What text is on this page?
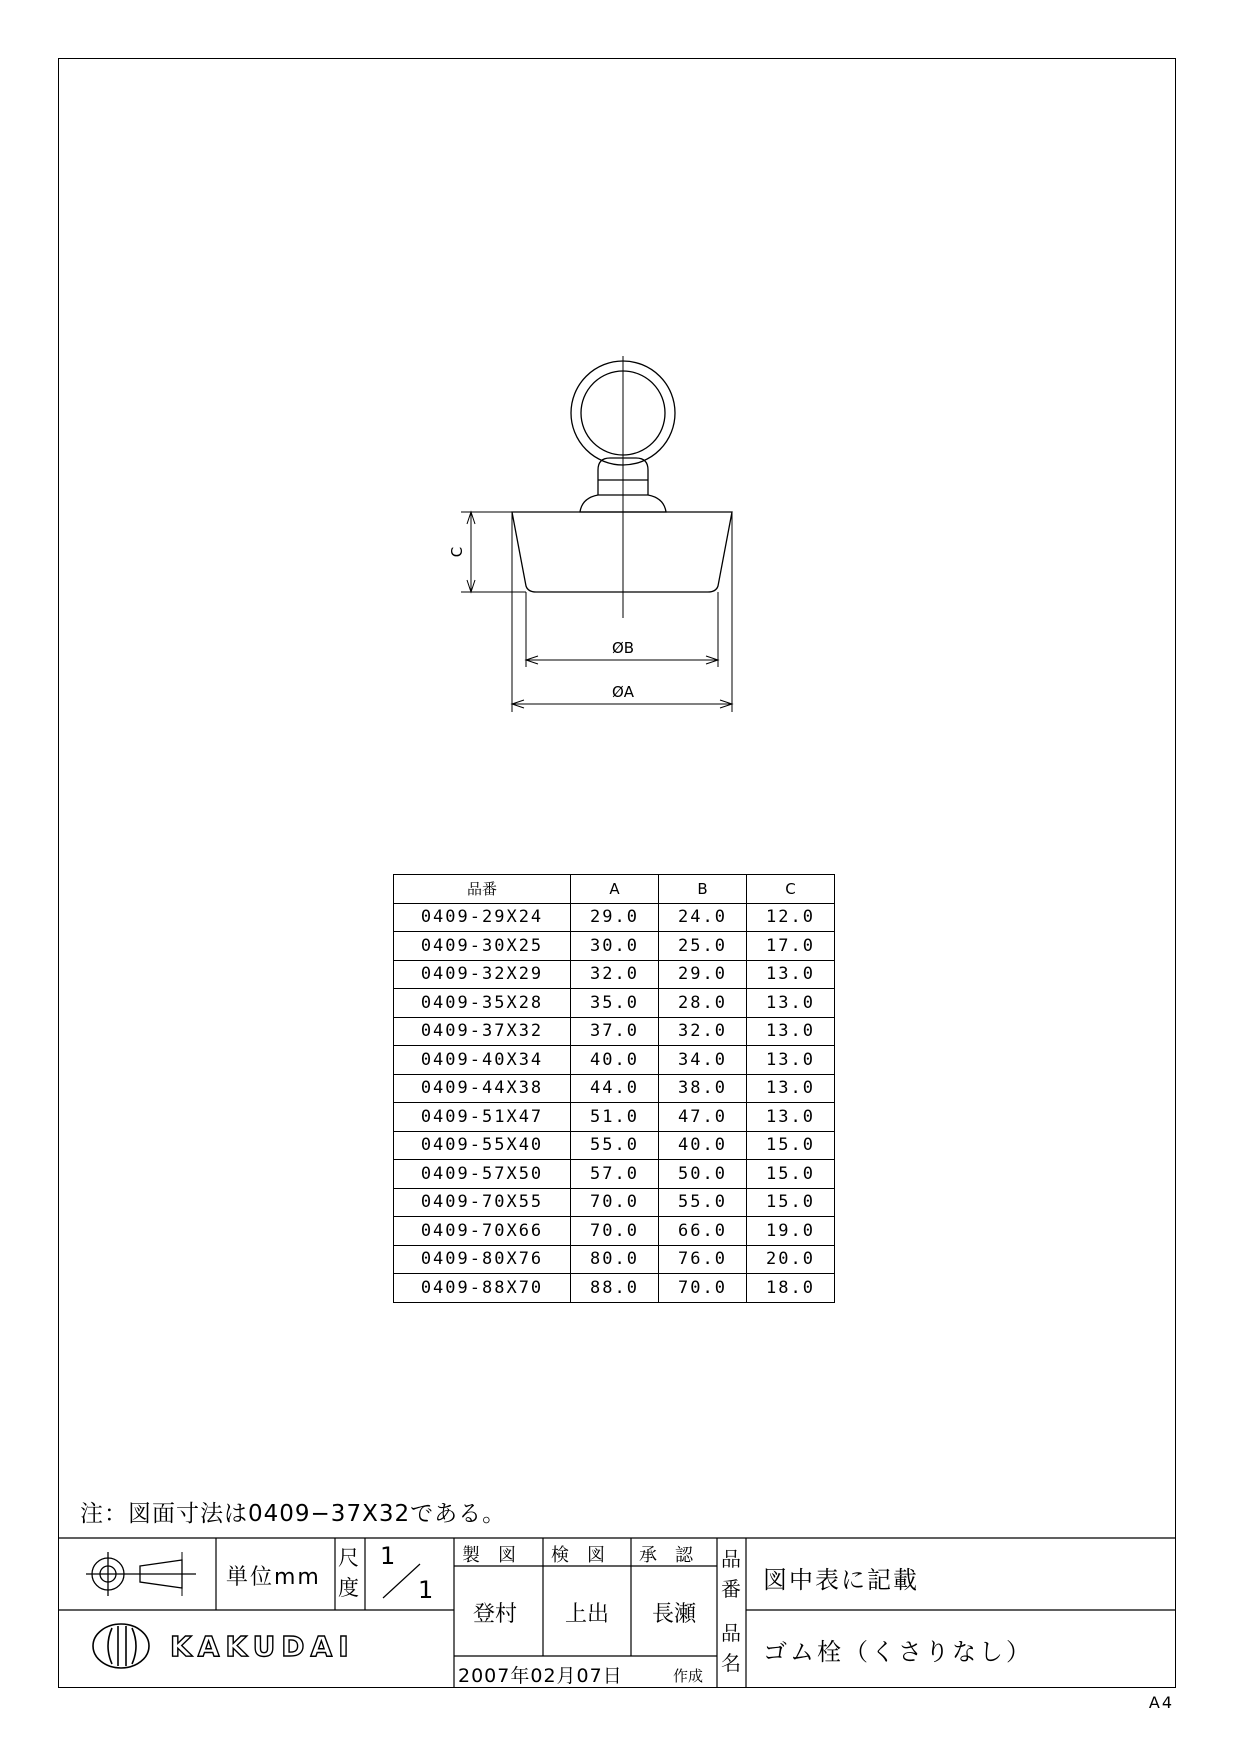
C
ØB
ØA
品番	A	B	C
0409-29X24	29.0	24.0	12.0
0409-30X25	30.0	25.0	17.0
0409-32X29	32.0	29.0	13.0
0409-35X28	35.0	28.0	13.0
0409-37X32	37.0	32.0	13.0
0409-40X34	40.0	34.0	13.0
0409-44X38	44.0	38.0	13.0
0409-51X47	51.0	47.0	13.0
0409-55X40	55.0	40.0	15.0
0409-57X50	57.0	50.0	15.0
0409-70X55	70.0	55.0	15.0
0409-70X66	70.0	66.0	19.0
0409-80X76	80.0	76.0	20.0
0409-88X70	88.0	70.0	18.0
注：図面寸法は0409−37X32である。
単位mm
尺
度
1
1
製　図 検　図 承　認
登村 上出 長瀬
2007年02月07日	作成
品
番 図中表に記載
品
名 ゴム栓（くさりなし）
KAKUDAI
A4
